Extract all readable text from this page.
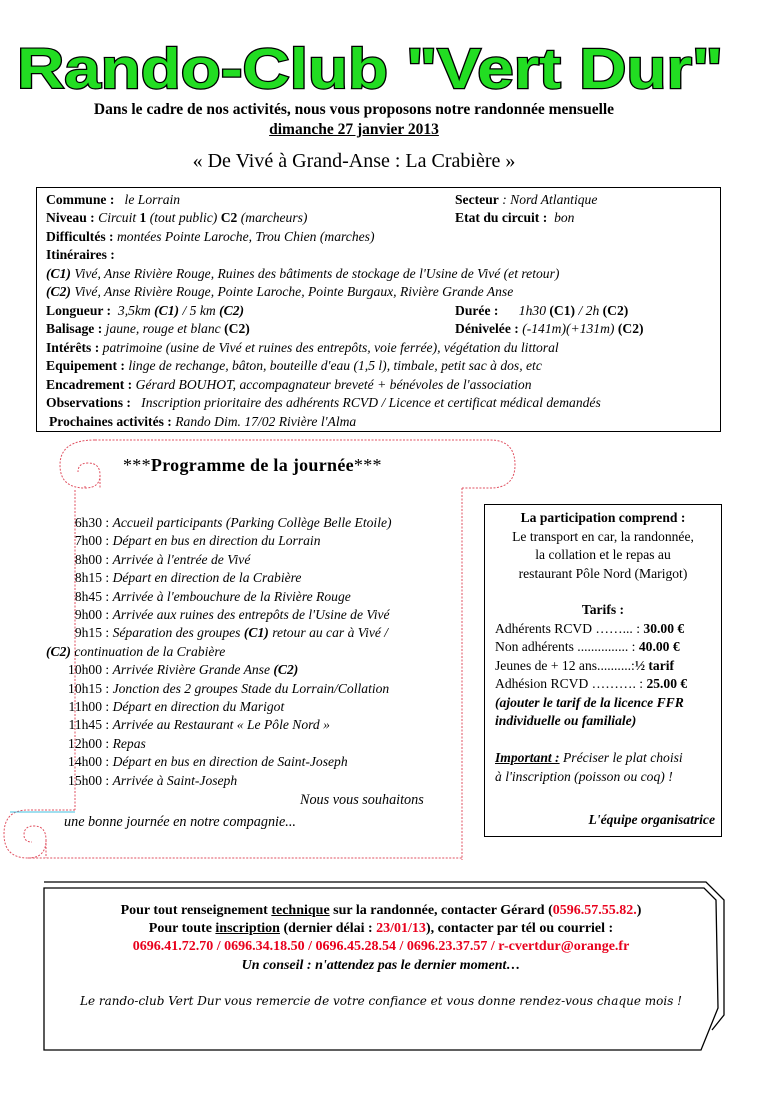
Rando-Club "Vert Dur"
Dans le cadre de nos activités, nous vous proposons notre randonnée mensuelle
dimanche 27 janvier 2013
« De Vivé à Grand-Anse : La Crabière »
Commune : le Lorrain	Secteur : Nord Atlantique
Niveau : Circuit 1 (tout public) C2 (marcheurs)	Etat du circuit : bon
Difficultés : montées Pointe Laroche, Trou Chien (marches)
Itinéraires :
(C1) Vivé, Anse Rivière Rouge, Ruines des bâtiments de stockage de l'Usine de Vivé (et retour)
(C2) Vivé, Anse Rivière Rouge, Pointe Laroche, Pointe Burgaux, Rivière Grande Anse
Longueur : 3,5km (C1) / 5 km (C2)	Durée : 1h30 (C1) / 2h (C2)
Balisage : jaune, rouge et blanc (C2)	Dénivelée : (-141m)(+131m) (C2)
Intérêts : patrimoine (usine de Vivé et ruines des entrepôts, voie ferrée), végétation du littoral
Equipement : linge de rechange, bâton, bouteille d'eau (1,5 l), timbale, petit sac à dos, etc
Encadrement : Gérard BOUHOT, accompagnateur breveté + bénévoles de l'association
Observations : Inscription prioritaire des adhérents RCVD / Licence et certificat médical demandés
Prochaines activités : Rando Dim. 17/02 Rivière l'Alma
***Programme de la journée***
6h30 : Accueil participants (Parking Collège Belle Etoile)
7h00 : Départ en bus en direction du Lorrain
8h00 : Arrivée à l'entrée de Vivé
8h15 : Départ en direction de la Crabière
8h45 : Arrivée à l'embouchure de la Rivière Rouge
9h00 : Arrivée aux ruines des entrepôts de l'Usine de Vivé
9h15 : Séparation des groupes (C1) retour au car à Vivé /
(C2) continuation de la Crabière
10h00 : Arrivée Rivière Grande Anse (C2)
10h15 : Jonction des 2 groupes Stade du Lorrain/Collation
11h00 : Départ en direction du Marigot
11h45 : Arrivée au Restaurant « Le Pôle Nord »
12h00 : Repas
14h00 : Départ en bus en direction de Saint-Joseph
15h00 : Arrivée à Saint-Joseph
Nous vous souhaitons
une bonne journée en notre compagnie...
La participation comprend :
Le transport en car, la randonnée,
la collation et le repas au
restaurant Pôle Nord (Marigot)
Tarifs :
Adhérents RCVD ……... : 30.00 €
Non adhérents ............... : 40.00 €
Jeunes de + 12 ans..........:½ tarif
Adhésion RCVD ………. : 25.00 €
(ajouter le tarif de la licence FFR
individuelle ou familiale)
Important : Préciser le plat choisi
à l'inscription (poisson ou coq) !
L'équipe organisatrice
Pour tout renseignement technique sur la randonnée, contacter Gérard (0596.57.55.82.)
Pour toute inscription (dernier délai : 23/01/13), contacter par tél ou courriel :
0696.41.72.70 / 0696.34.18.50 / 0696.45.28.54 / 0696.23.37.57 / r-cvertdur@orange.fr
Un conseil : n'attendez pas le dernier moment…
Le rando-club Vert Dur vous remercie de votre confiance et vous donne rendez-vous chaque mois !
